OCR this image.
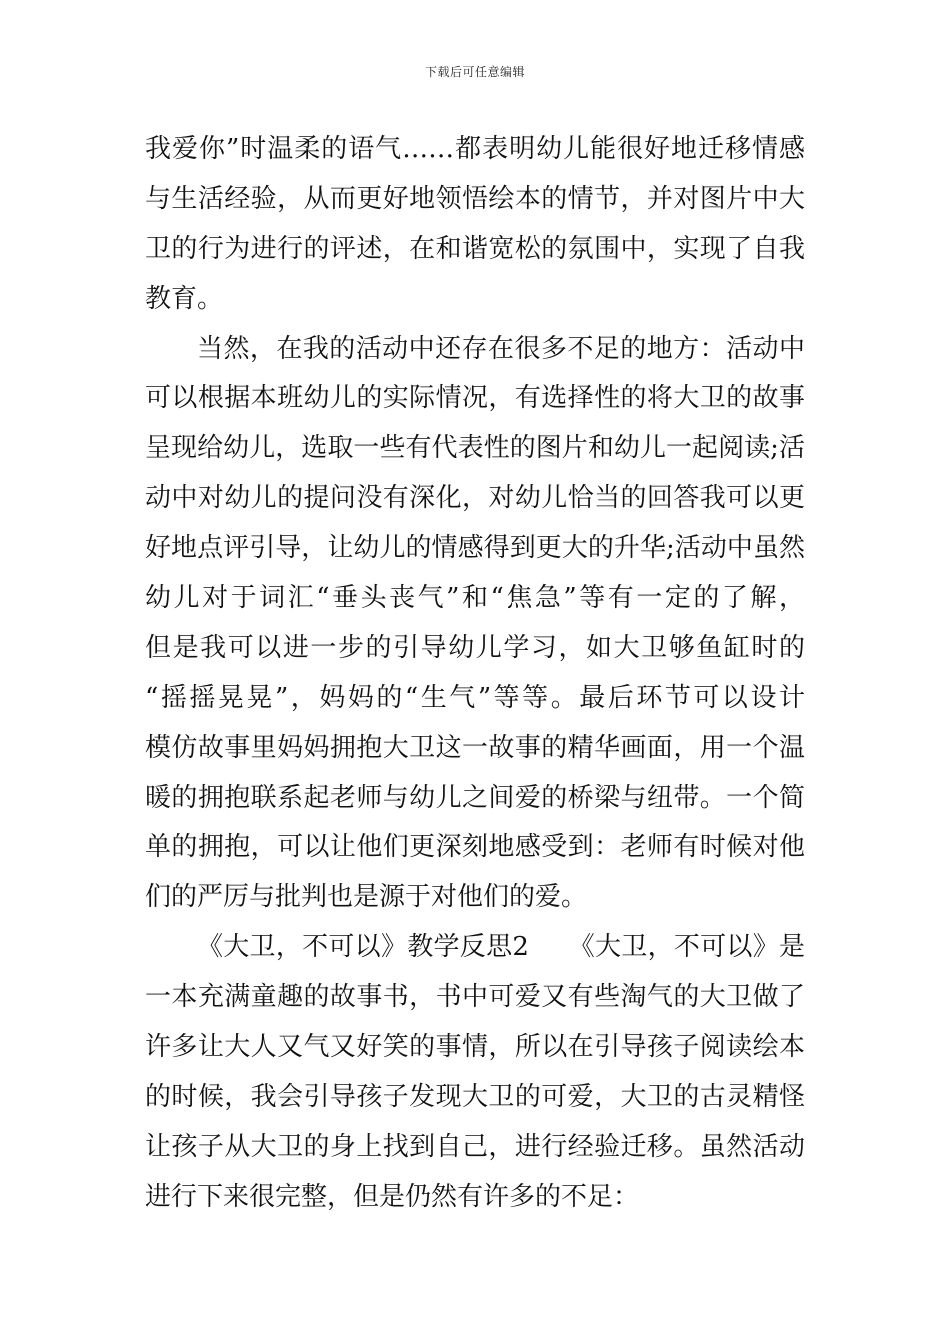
下载后可任意编辑
我爱你”时温柔的语气……都表明幼儿能很好地迁移情感
与生活经验，从而更好地领悟绘本的情节，并对图片中大
卫的行为进行的评述，在和谐宽松的氛围中，实现了自我
教育。
当然，在我的活动中还存在很多不足的地方：活动中
可以根据本班幼儿的实际情况，有选择性的将大卫的故事
呈现给幼儿，选取一些有代表性的图片和幼儿一起阅读;活
动中对幼儿的提问没有深化，对幼儿恰当的回答我可以更
好地点评引导，让幼儿的情感得到更大的升华;活动中虽然
幼儿对于词汇“垂头丧气”和“焦急”等有一定的了解，
但是我可以进一步的引导幼儿学习，如大卫够鱼缸时的
“摇摇晃晃”，妈妈的“生气”等等。最后环节可以设计
模仿故事里妈妈拥抱大卫这一故事的精华画面，用一个温
暖的拥抱联系起老师与幼儿之间爱的桥梁与纽带。一个简
单的拥抱，可以让他们更深刻地感受到：老师有时候对他
们的严厉与批判也是源于对他们的爱。
《大卫，不可以》教学反思2　　《大卫，不可以》是
一本充满童趣的故事书，书中可爱又有些淘气的大卫做了
许多让大人又气又好笑的事情，所以在引导孩子阅读绘本
的时候，我会引导孩子发现大卫的可爱，大卫的古灵精怪
让孩子从大卫的身上找到自己，进行经验迁移。虽然活动
进行下来很完整，但是仍然有许多的不足：
